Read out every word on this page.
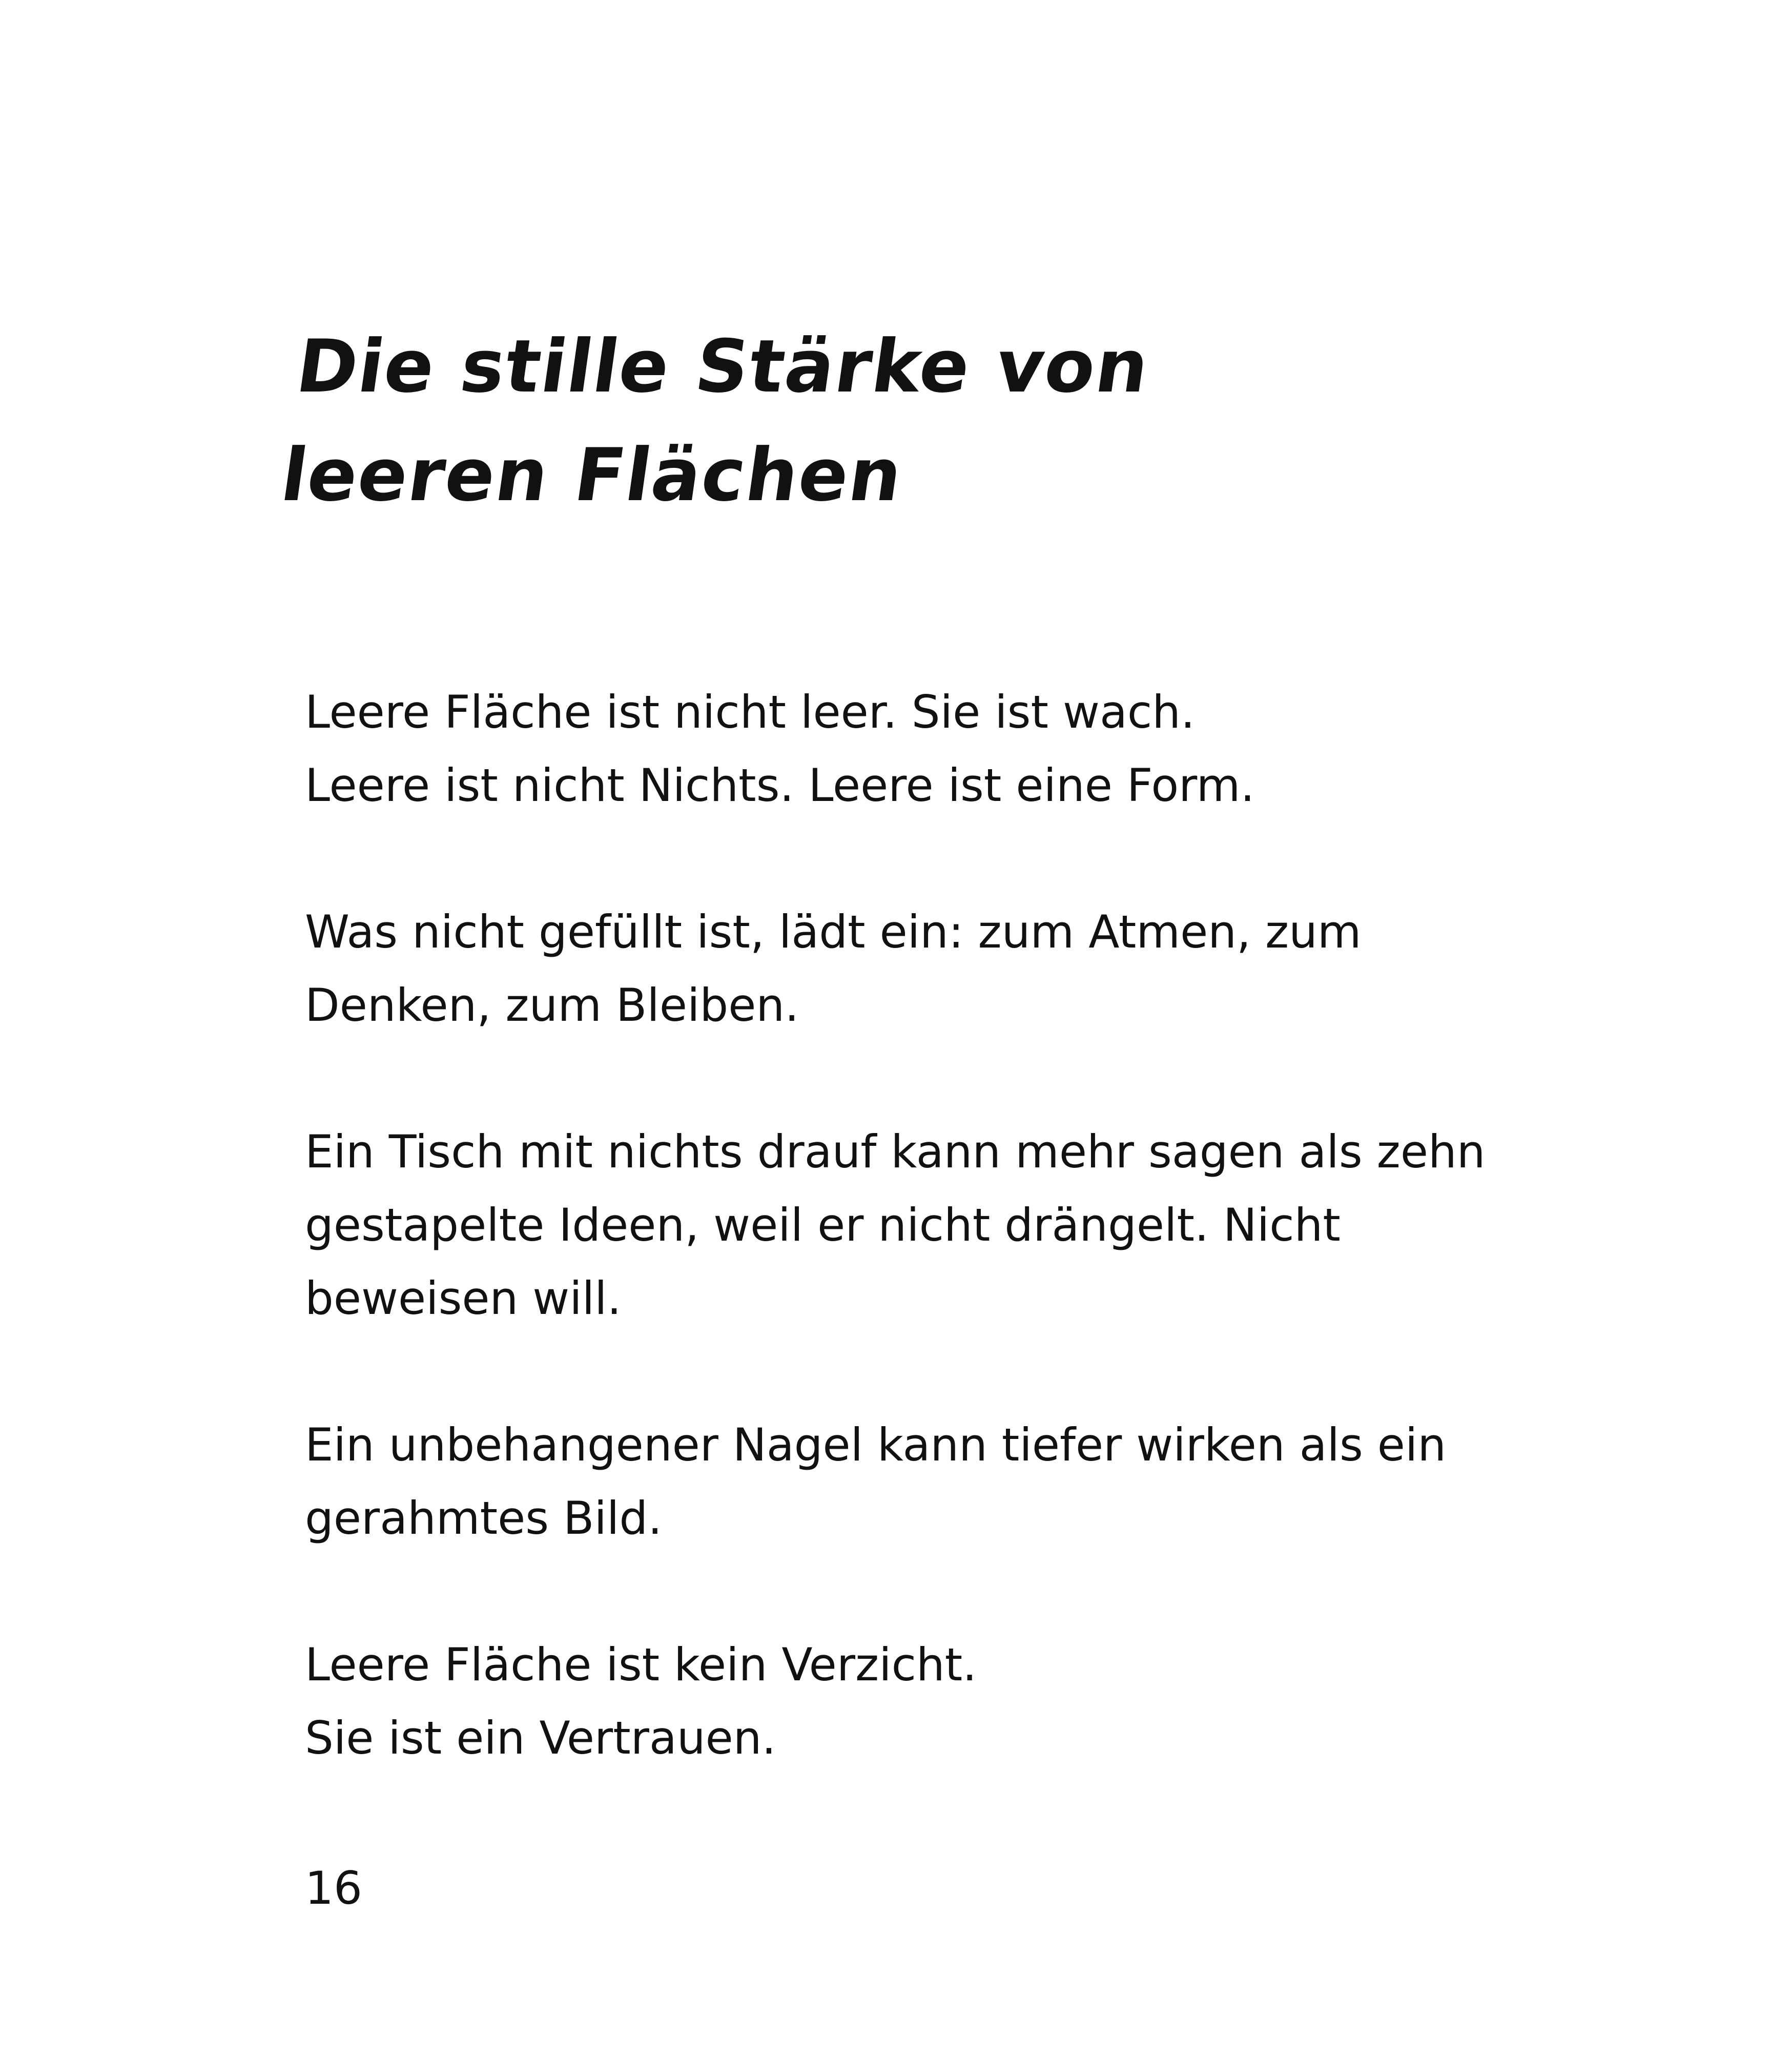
Die stille Stärke von
leeren Flächen

Leere Fläche ist nicht leer. Sie ist wach.
Leere ist nicht Nichts. Leere ist eine Form.

Was nicht gefüllt ist, lädt ein: zum Atmen, zum
Denken, zum Bleiben.

Ein Tisch mit nichts drauf kann mehr sagen als zehn
gestapelte Ideen, weil er nicht drängelt. Nicht
beweisen will.

Ein unbehangener Nagel kann tiefer wirken als ein
gerahmtes Bild.

Leere Fläche ist kein Verzicht.
Sie ist ein Vertrauen.

16
